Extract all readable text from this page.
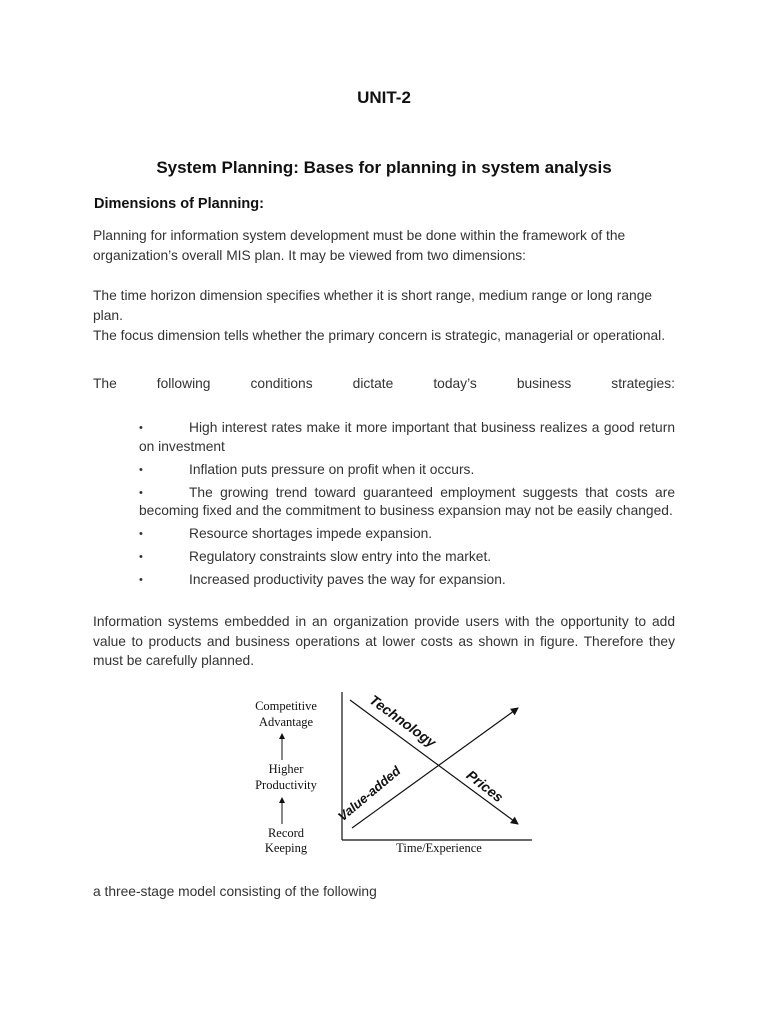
UNIT-2
System Planning: Bases for planning in system analysis
Dimensions of Planning:
Planning for information system development must be done within the framework of the organization’s overall MIS plan. It may be viewed from two dimensions:
The time horizon dimension specifies whether it is short range, medium range or long range plan.
The focus dimension tells whether the primary concern is strategic, managerial or operational.
The	following	conditions	dictate	today’s	business	strategies:
•	High interest rates make it more important that business realizes a good return on investment
•	Inflation puts pressure on profit when it occurs.
•	The growing trend toward guaranteed employment suggests that costs are becoming fixed and the commitment to business expansion may not be easily changed.
•	Resource shortages impede expansion.
•	Regulatory constraints slow entry into the market.
•	Increased productivity paves the way for expansion.
Information systems embedded in an organization provide users with the opportunity to add value to products and business operations at lower costs as shown in figure. Therefore they must be carefully planned.
Competitive
Advantage
Higher
Productivity
Record
Keeping	Time/Experience
Technology
Prices
Value-added
a three-stage model consisting of the following
